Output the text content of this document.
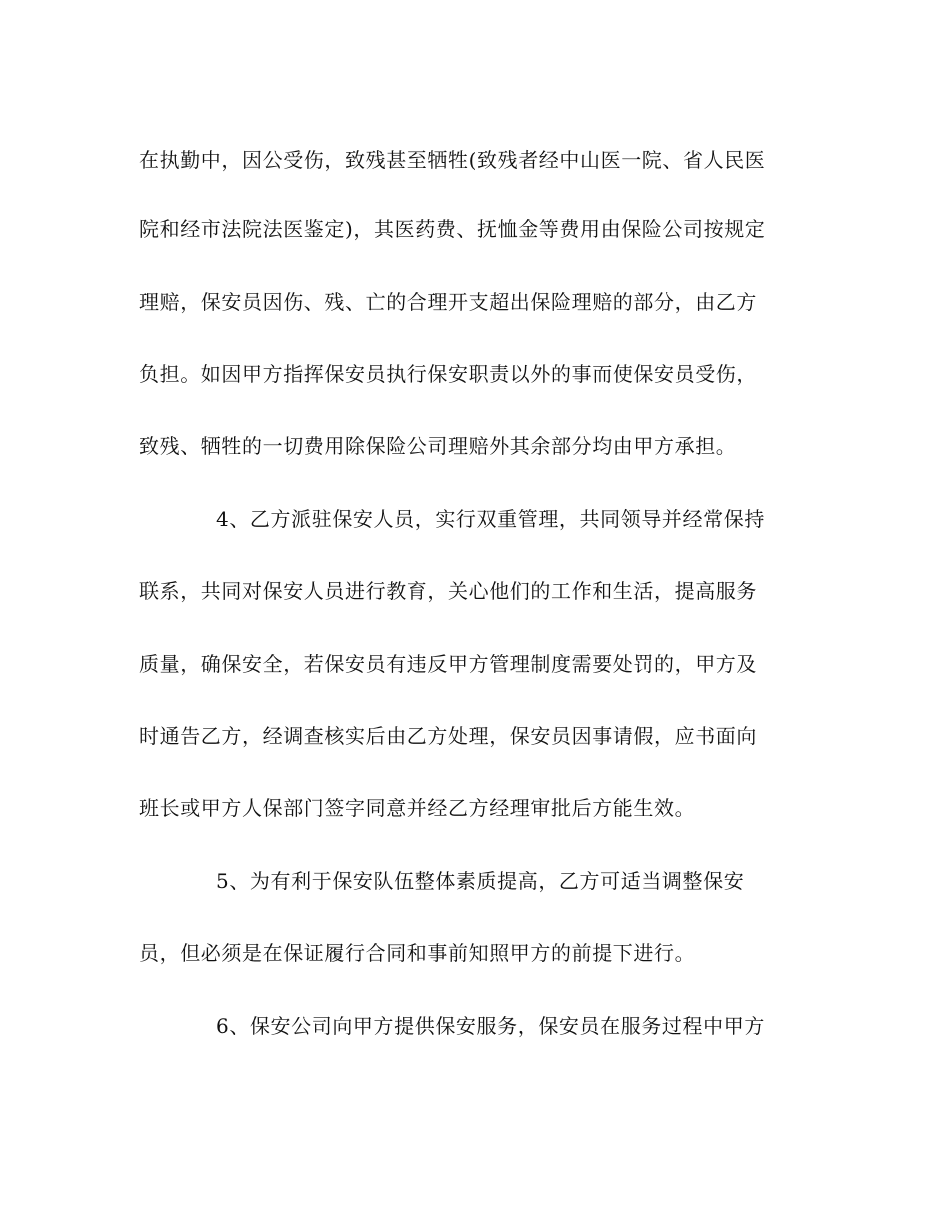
在执勤中，因公受伤，致残甚至牺牲(致残者经中山医一院、省人民医
院和经市法院法医鉴定)，其医药费、抚恤金等费用由保险公司按规定
理赔，保安员因伤、残、亡的合理开支超出保险理赔的部分，由乙方
负担。如因甲方指挥保安员执行保安职责以外的事而使保安员受伤，
致残、牺牲的一切费用除保险公司理赔外其余部分均由甲方承担。
4、乙方派驻保安人员，实行双重管理，共同领导并经常保持
联系，共同对保安人员进行教育，关心他们的工作和生活，提高服务
质量，确保安全，若保安员有违反甲方管理制度需要处罚的，甲方及
时通告乙方，经调查核实后由乙方处理，保安员因事请假，应书面向
班长或甲方人保部门签字同意并经乙方经理审批后方能生效。
5、为有利于保安队伍整体素质提高，乙方可适当调整保安
员，但必须是在保证履行合同和事前知照甲方的前提下进行。
6、保安公司向甲方提供保安服务，保安员在服务过程中甲方
